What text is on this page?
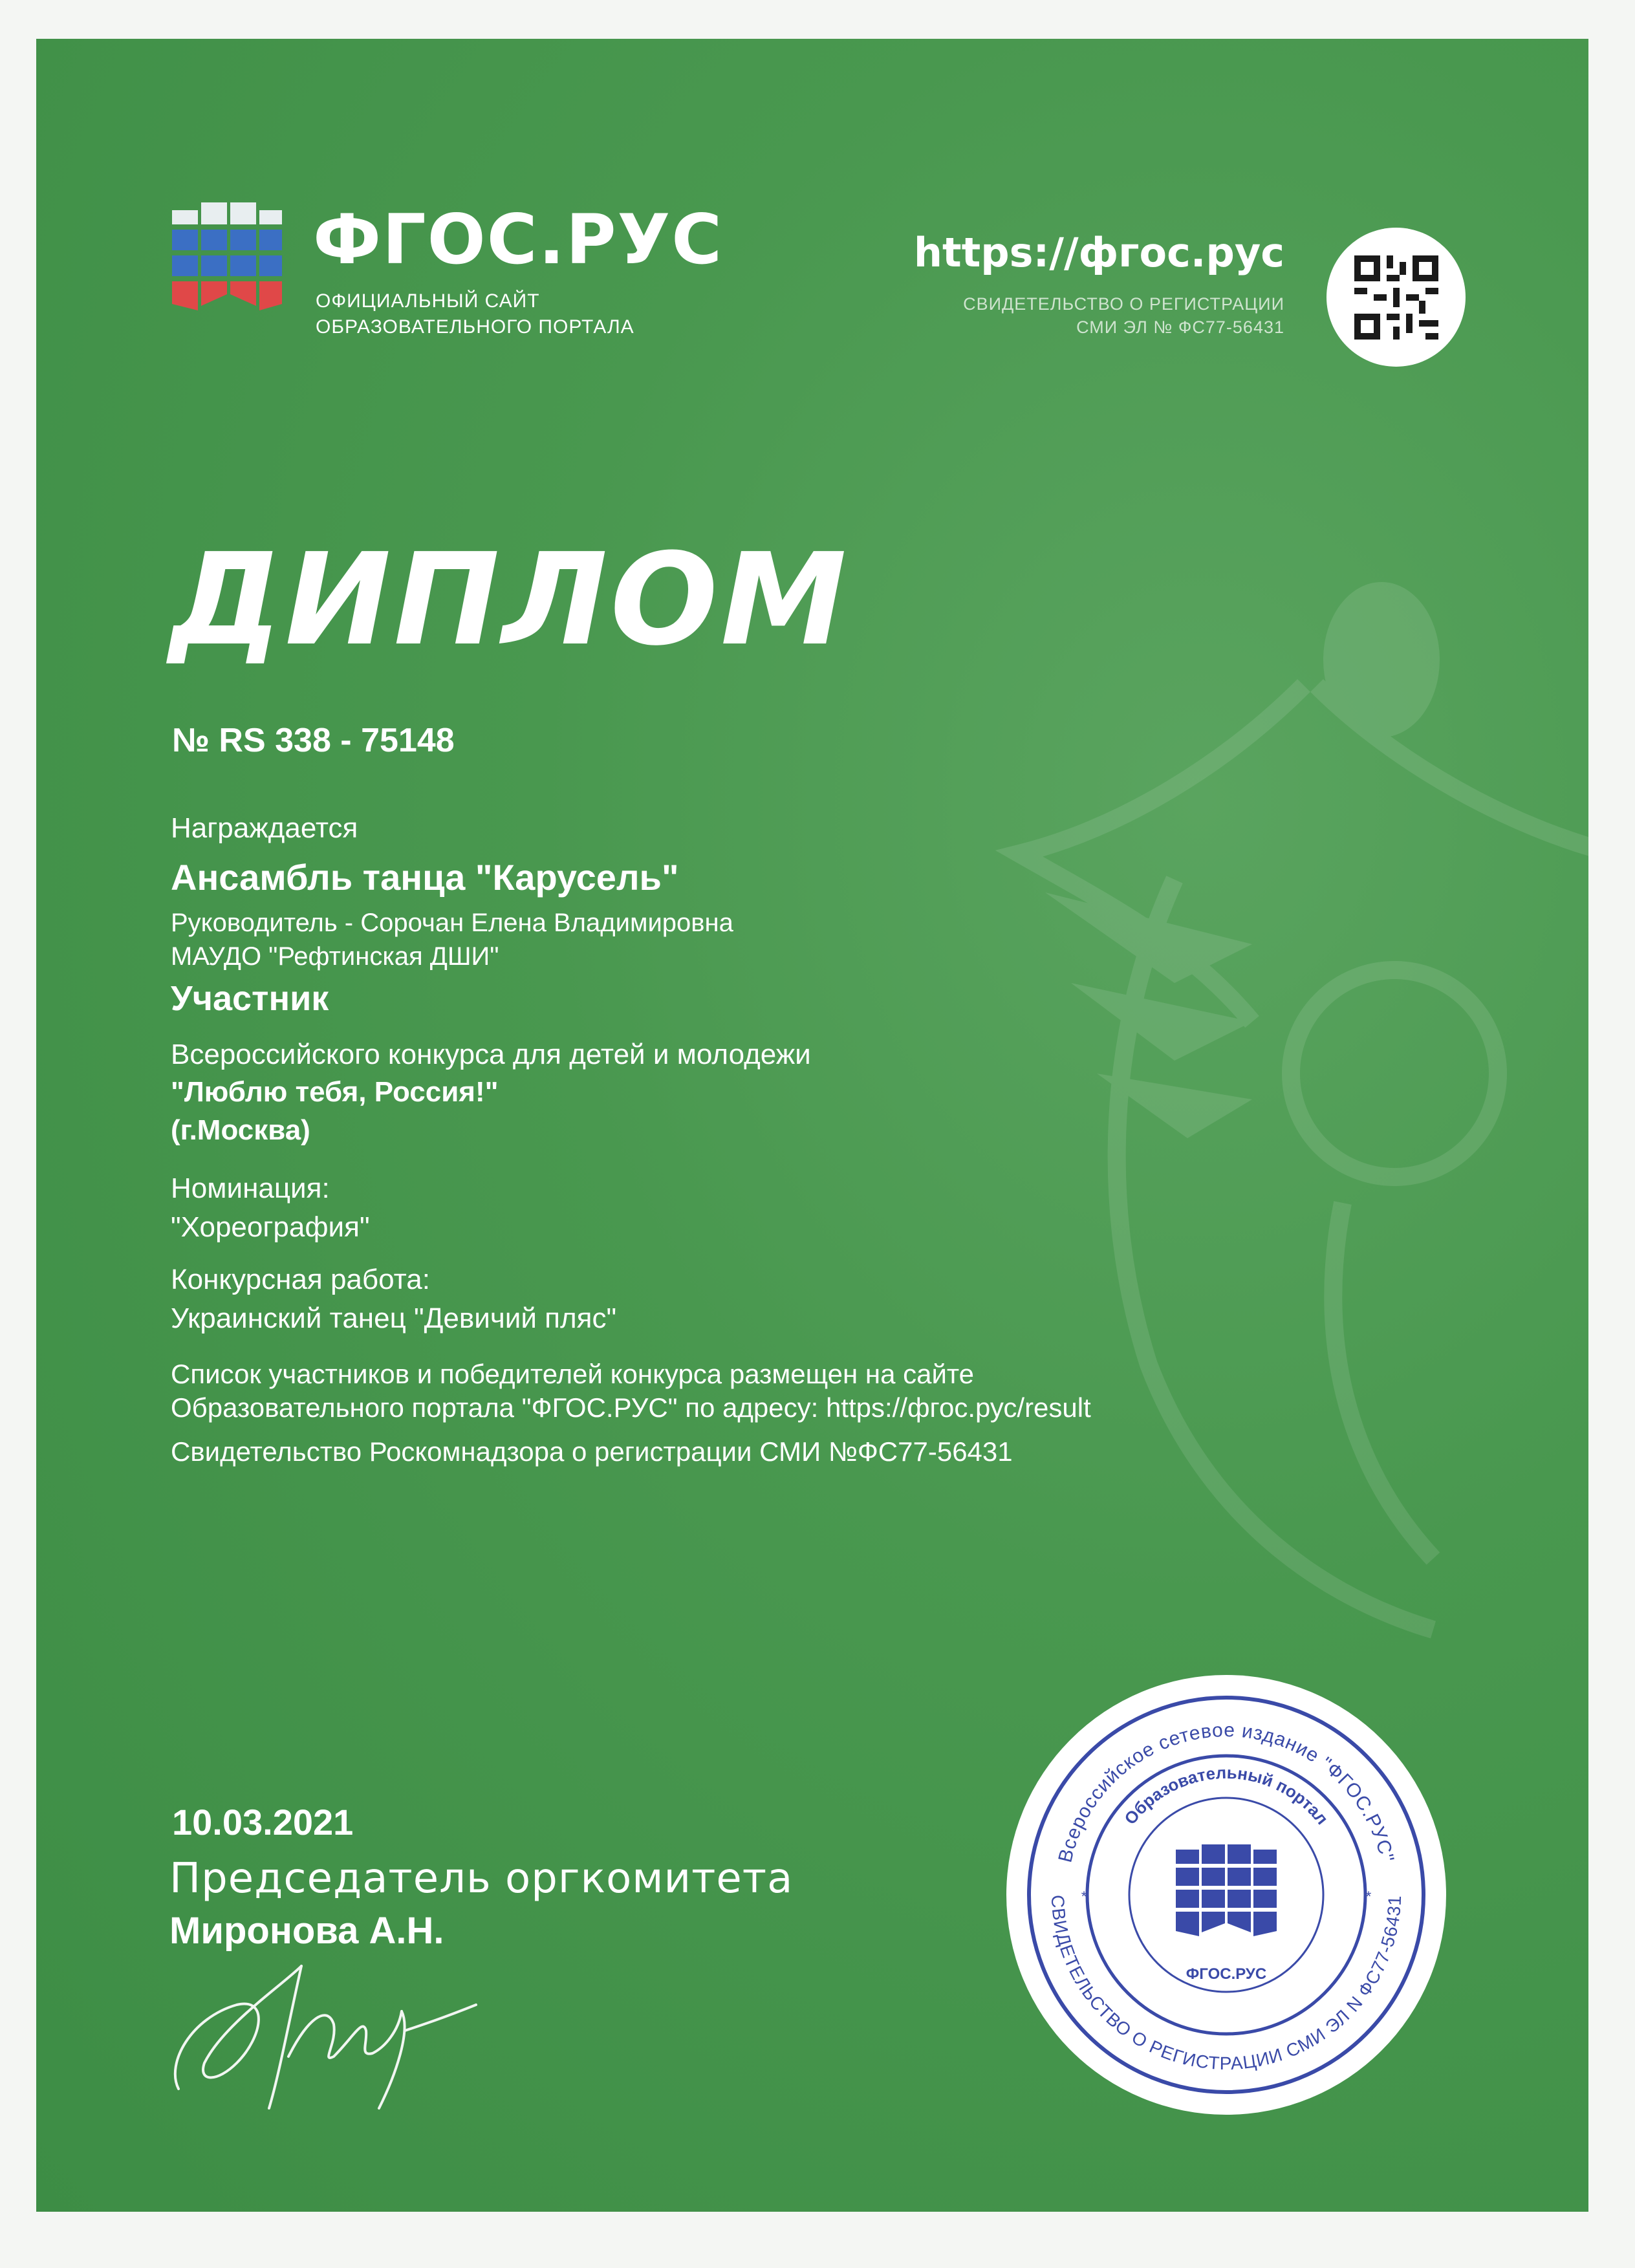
ФГОС.РУС
ОФИЦИАЛЬНЫЙ САЙТ
ОБРАЗОВАТЕЛЬНОГО ПОРТАЛА
https://фгос.рус
СВИДЕТЕЛЬСТВО О РЕГИСТРАЦИИ
СМИ ЭЛ № ФС77-56431
ДИПЛОМ
№ RS 338 - 75148
Награждается
Ансамбль танца "Карусель"
Руководитель - Сорочан Елена Владимировна
МАУДО "Рефтинская ДШИ"
Участник
Всероссийского конкурса для детей и молодежи
"Люблю тебя, Россия!"
(г.Москва)
Номинация:
"Хореография"
Конкурсная работа:
Украинский танец "Девичий пляс"
Список участников и победителей конкурса размещен на сайте
Образовательного портала "ФГОС.РУС" по адресу: https://фгос.рус/result
Свидетельство Роскомнадзора о регистрации СМИ №ФС77-56431
10.03.2021
Председатель оргкомитета
Миронова А.Н.
Всероссийское сетевое издание "ФГОС.РУС"
Образовательный портал
СВИДЕТЕЛЬСТВО О РЕГИСТРАЦИИ СМИ ЭЛ N ФС77-56431
ФГОС.РУС
*	*
